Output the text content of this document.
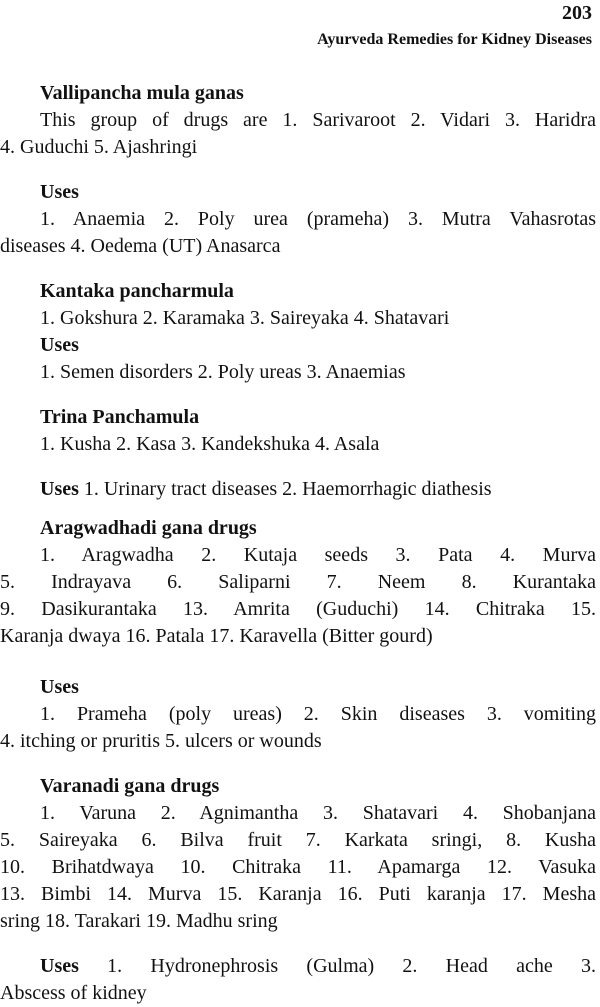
203
Ayurveda Remedies for Kidney Diseases

Vallipancha mula ganas

This group of drugs are 1. Sarivaroot 2. Vidari 3. Haridra

4. Guduchi 5. Ajashringi

Uses

1. Anaemia 2. Poly urea (prameha) 3. Mutra Vahasrotas

diseases 4. Oedema (UT) Anasarca

Kantaka pancharmula

1. Gokshura 2. Karamaka 3. Saireyaka 4. Shatavari

Uses

1. Semen disorders 2. Poly ureas 3. Anaemias

Trina Panchamula

1. Kusha 2. Kasa 3. Kandekshuka 4. Asala

Uses 1. Urinary tract diseases 2. Haemorrhagic diathesis

Aragwadhadi gana drugs

1. Aragwadha 2. Kutaja seeds 3. Pata 4. Murva

5. Indrayava 6. Saliparni 7. Neem 8. Kurantaka

9. Dasikurantaka 13. Amrita (Guduchi) 14. Chitraka 15.

Karanja dwaya 16. Patala 17. Karavella (Bitter gourd)

Uses

1. Prameha (poly ureas) 2. Skin diseases 3. vomiting

4. itching or pruritis 5. ulcers or wounds

Varanadi gana drugs

1. Varuna 2. Agnimantha 3. Shatavari 4. Shobanjana

5. Saireyaka 6. Bilva fruit 7. Karkata sringi, 8. Kusha

10. Brihatdwaya 10. Chitraka 11. Apamarga 12. Vasuka

13. Bimbi 14. Murva 15. Karanja 16. Puti karanja 17. Mesha

sring 18. Tarakari 19. Madhu sring

Uses 1. Hydronephrosis (Gulma) 2. Head ache 3.

Abscess of kidney
